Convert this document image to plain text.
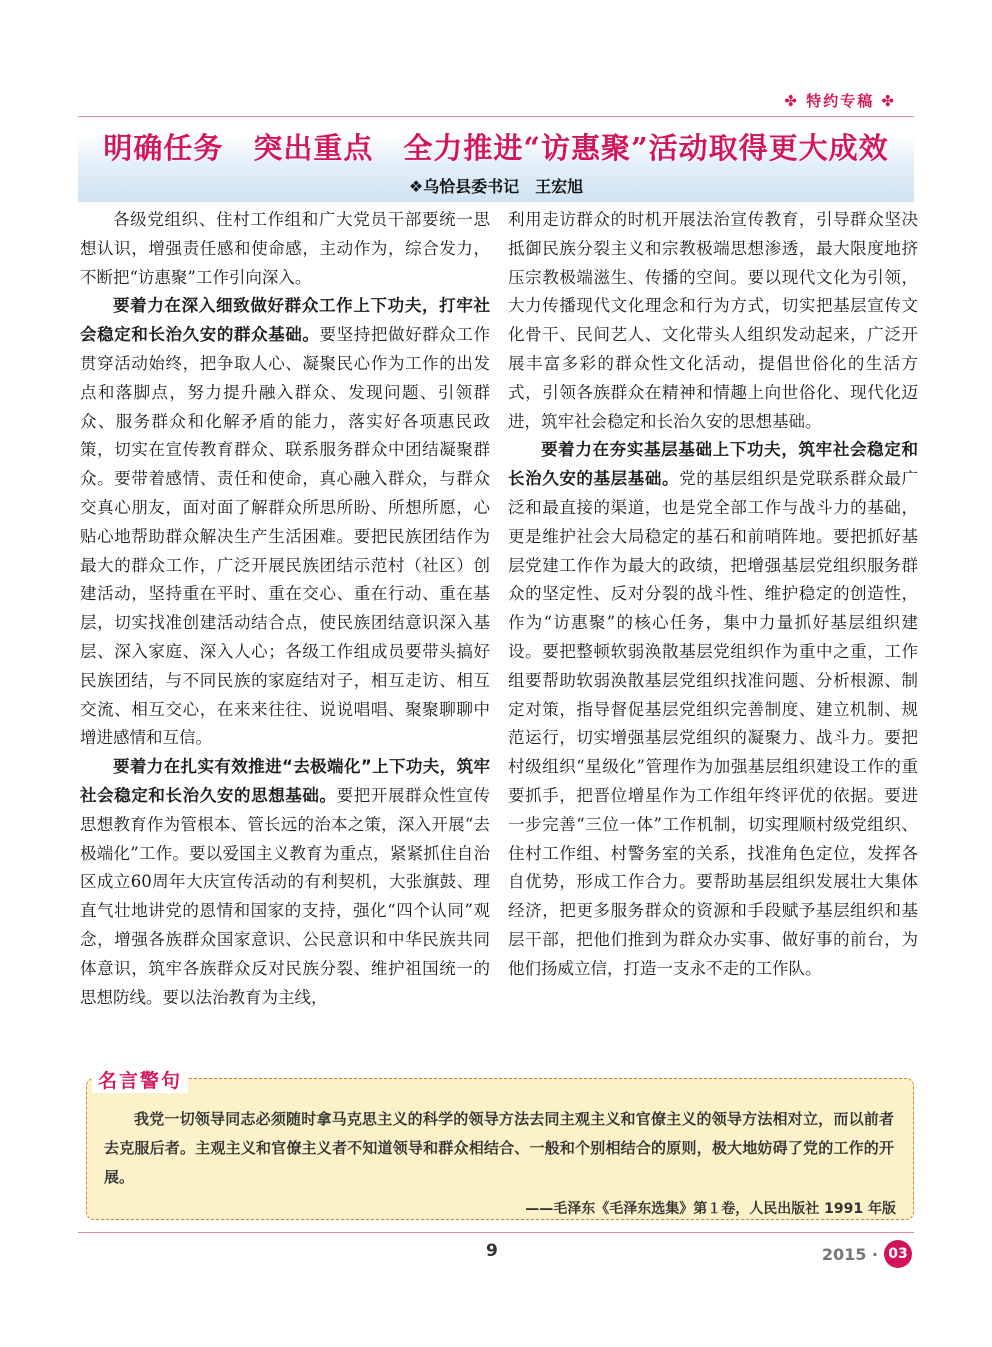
✤ 特约专稿 ✤
明确任务　突出重点　全力推进“访惠聚”活动取得更大成效
❖乌恰县委书记　王宏旭

各级党组织、住村工作组和广大党员干部要统一思想认识，增强责任感和使命感，主动作为，综合发力，不断把“访惠聚”工作引向深入。

要着力在深入细致做好群众工作上下功夫，打牢社会稳定和长治久安的群众基础。要坚持把做好群众工作贯穿活动始终，把争取人心、凝聚民心作为工作的出发点和落脚点，努力提升融入群众、发现问题、引领群众、服务群众和化解矛盾的能力，落实好各项惠民政策，切实在宣传教育群众、联系服务群众中团结凝聚群众。要带着感情、责任和使命，真心融入群众，与群众交真心朋友，面对面了解群众所思所盼、所想所愿，心贴心地帮助群众解决生产生活困难。要把民族团结作为最大的群众工作，广泛开展民族团结示范村（社区）创建活动，坚持重在平时、重在交心、重在行动、重在基层，切实找准创建活动结合点，使民族团结意识深入基层、深入家庭、深入人心；各级工作组成员要带头搞好民族团结，与不同民族的家庭结对子，相互走访、相互交流、相互交心，在来来往往、说说唱唱、聚聚聊聊中增进感情和互信。

要着力在扎实有效推进“去极端化”上下功夫，筑牢社会稳定和长治久安的思想基础。要把开展群众性宣传思想教育作为管根本、管长远的治本之策，深入开展“去极端化”工作。要以爱国主义教育为重点，紧紧抓住自治区成立60周年大庆宣传活动的有利契机，大张旗鼓、理直气壮地讲党的恩情和国家的支持，强化“四个认同”观念，增强各族群众国家意识、公民意识和中华民族共同体意识，筑牢各族群众反对民族分裂、维护祖国统一的思想防线。要以法治教育为主线，

利用走访群众的时机开展法治宣传教育，引导群众坚决抵御民族分裂主义和宗教极端思想渗透，最大限度地挤压宗教极端滋生、传播的空间。要以现代文化为引领，大力传播现代文化理念和行为方式，切实把基层宣传文化骨干、民间艺人、文化带头人组织发动起来，广泛开展丰富多彩的群众性文化活动，提倡世俗化的生活方式，引领各族群众在精神和情趣上向世俗化、现代化迈进，筑牢社会稳定和长治久安的思想基础。

要着力在夯实基层基础上下功夫，筑牢社会稳定和长治久安的基层基础。党的基层组织是党联系群众最广泛和最直接的渠道，也是党全部工作与战斗力的基础，更是维护社会大局稳定的基石和前哨阵地。要把抓好基层党建工作作为最大的政绩，把增强基层党组织服务群众的坚定性、反对分裂的战斗性、维护稳定的创造性，作为“访惠聚”的核心任务，集中力量抓好基层组织建设。要把整顿软弱涣散基层党组织作为重中之重，工作组要帮助软弱涣散基层党组织找准问题、分析根源、制定对策，指导督促基层党组织完善制度、建立机制、规范运行，切实增强基层党组织的凝聚力、战斗力。要把村级组织“星级化”管理作为加强基层组织建设工作的重要抓手，把晋位增星作为工作组年终评优的依据。要进一步完善“三位一体”工作机制，切实理顺村级党组织、住村工作组、村警务室的关系，找准角色定位，发挥各自优势，形成工作合力。要帮助基层组织发展壮大集体经济，把更多服务群众的资源和手段赋予基层组织和基层干部，把他们推到为群众办实事、做好事的前台，为他们扬威立信，打造一支永不走的工作队。

名言警句
我党一切领导同志必须随时拿马克思主义的科学的领导方法去同主观主义和官僚主义的领导方法相对立，而以前者去克服后者。主观主义和官僚主义者不知道领导和群众相结合、一般和个别相结合的原则，极大地妨碍了党的工作的开展。
——毛泽东《毛泽东选集》第１卷，人民出版社 1991 年版
9	2015 · 03
